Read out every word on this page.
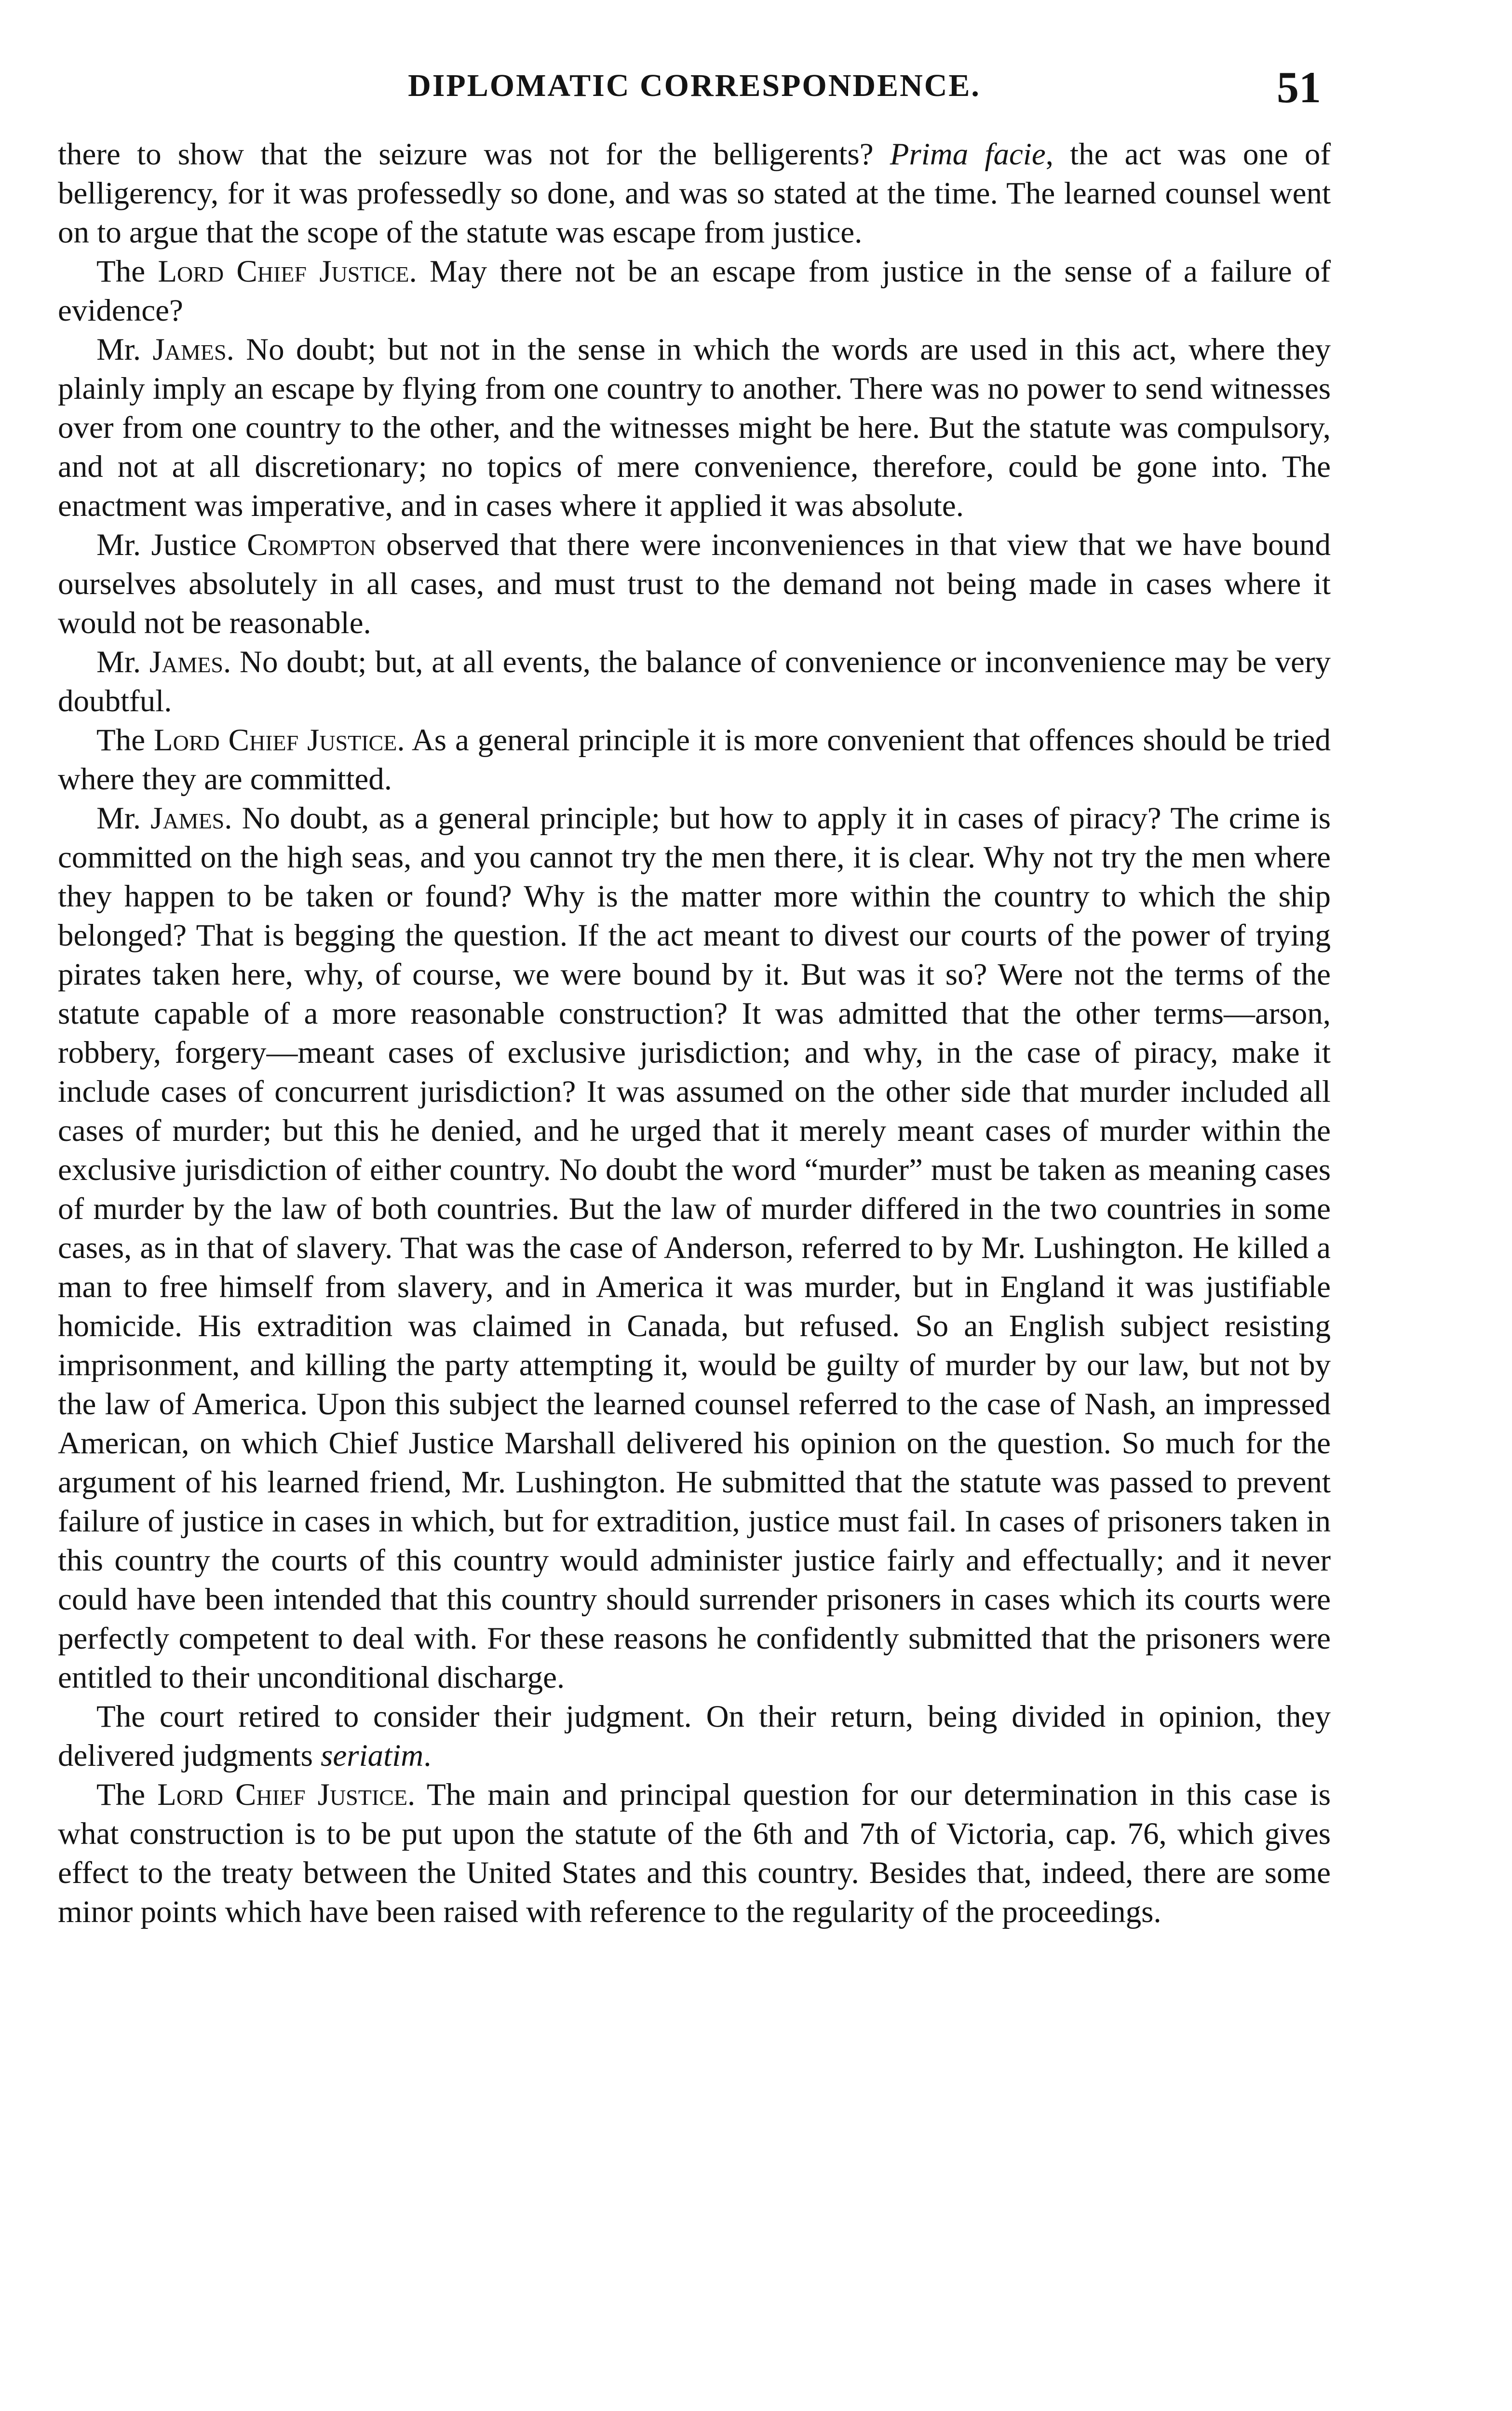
DIPLOMATIC CORRESPONDENCE.	51

there to show that the seizure was not for the belligerents? Prima facie, the act was one of belligerency, for it was professedly so done, and was so stated at the time. The learned counsel went on to argue that the scope of the statute was escape from justice.

The Lord Chief Justice. May there not be an escape from justice in the sense of a failure of evidence?

Mr. James. No doubt; but not in the sense in which the words are used in this act, where they plainly imply an escape by flying from one country to another. There was no power to send witnesses over from one country to the other, and the witnesses might be here. But the statute was compulsory, and not at all discretionary; no topics of mere convenience, therefore, could be gone into. The enactment was imperative, and in cases where it applied it was absolute.

Mr. Justice Crompton observed that there were inconveniences in that view that we have bound ourselves absolutely in all cases, and must trust to the demand not being made in cases where it would not be reasonable.

Mr. James. No doubt; but, at all events, the balance of convenience or inconvenience may be very doubtful.

The Lord Chief Justice. As a general principle it is more convenient that offences should be tried where they are committed.

Mr. James. No doubt, as a general principle; but how to apply it in cases of piracy? The crime is committed on the high seas, and you cannot try the men there, it is clear. Why not try the men where they happen to be taken or found? Why is the matter more within the country to which the ship belonged? That is begging the question. If the act meant to divest our courts of the power of trying pirates taken here, why, of course, we were bound by it. But was it so? Were not the terms of the statute capable of a more reasonable construction? It was admitted that the other terms—arson, robbery, forgery—meant cases of exclusive jurisdiction; and why, in the case of piracy, make it include cases of concurrent jurisdiction? It was assumed on the other side that murder included all cases of murder; but this he denied, and he urged that it merely meant cases of murder within the exclusive jurisdiction of either country. No doubt the word “murder” must be taken as meaning cases of murder by the law of both countries. But the law of murder differed in the two countries in some cases, as in that of slavery. That was the case of Anderson, referred to by Mr. Lushington. He killed a man to free himself from slavery, and in America it was murder, but in England it was justifiable homicide. His extradition was claimed in Canada, but refused. So an English subject resisting imprisonment, and killing the party attempting it, would be guilty of murder by our law, but not by the law of America. Upon this subject the learned counsel referred to the case of Nash, an impressed American, on which Chief Justice Marshall delivered his opinion on the question. So much for the argument of his learned friend, Mr. Lushington. He submitted that the statute was passed to prevent failure of justice in cases in which, but for extradition, justice must fail. In cases of prisoners taken in this country the courts of this country would administer justice fairly and effectually; and it never could have been intended that this country should surrender prisoners in cases which its courts were perfectly competent to deal with. For these reasons he confidently submitted that the prisoners were entitled to their unconditional discharge.

The court retired to consider their judgment. On their return, being divided in opinion, they delivered judgments seriatim.

The Lord Chief Justice. The main and principal question for our determination in this case is what construction is to be put upon the statute of the 6th and 7th of Victoria, cap. 76, which gives effect to the treaty between the United States and this country. Besides that, indeed, there are some minor points which have been raised with reference to the regularity of the proceedings.
